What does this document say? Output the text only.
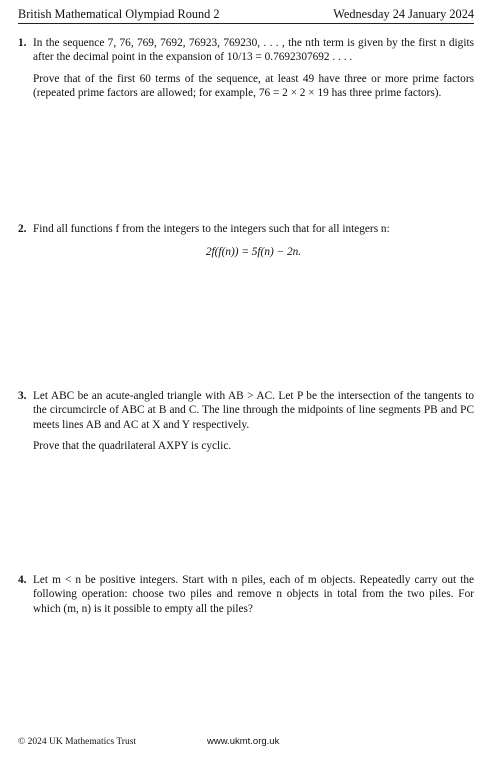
British Mathematical Olympiad Round 2	Wednesday 24 January 2024
1. In the sequence 7, 76, 769, 7692, 76923, 769230, . . . , the nth term is given by the first n digits after the decimal point in the expansion of 10/13 = 0.7692307692 . . . .

Prove that of the first 60 terms of the sequence, at least 49 have three or more prime factors (repeated prime factors are allowed; for example, 76 = 2 × 2 × 19 has three prime factors).

2. Find all functions f from the integers to the integers such that for all integers n:

2f(f(n)) = 5f(n) − 2n.
3. Let ABC be an acute-angled triangle with AB > AC. Let P be the intersection of the tangents to the circumcircle of ABC at B and C. The line through the midpoints of line segments PB and PC meets lines AB and AC at X and Y respectively.

Prove that the quadrilateral AXPY is cyclic.

4. Let m < n be positive integers. Start with n piles, each of m objects. Repeatedly carry out the following operation: choose two piles and remove n objects in total from the two piles. For which (m, n) is it possible to empty all the piles?

© 2024 UK Mathematics Trust	www.ukmt.org.uk
